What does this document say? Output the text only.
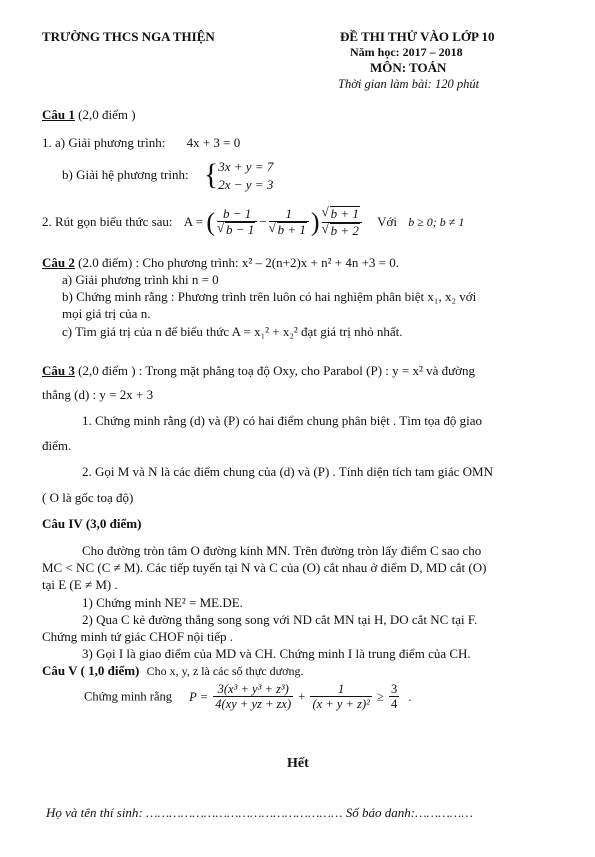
TRƯỜNG THCS NGA THIỆN	ĐỀ THI THỬ VÀO LỚP 10
Năm học: 2017 – 2018
MÔN: TOÁN
Thời gian làm bài: 120 phút
Câu 1 (2,0 điểm )
1. a) Giải phương trình: 4x + 3 = 0
b) Giải hệ phương trình: { 3x + y = 7
2x − y = 3
2. Rút gọn biểu thức sau: A = ( b − 1
√ b − 1 − 1
√ b + 1 )
√ b + 1
√ b + 2 Với b ≥ 0; b ≠ 1
Câu 2 (2.0 điểm) : Cho phương trình: x² – 2(n+2)x + n² + 4n +3 = 0.
a) Giải phương trình khi n = 0
b) Chứng minh rằng : Phương trình trên luôn có hai nghiệm phân biệt x₁, x₂ với
mọi giá trị của n.
c) Tìm giá trị của n để biểu thức A = x₁² + x₂² đạt giá trị nhỏ nhất.
Câu 3 (2,0 điểm ) : Trong mặt phẳng toạ độ Oxy, cho Parabol (P) : y = x² và đường
thẳng (d) : y = 2x + 3
1. Chứng minh rằng (d) và (P) có hai điểm chung phân biệt . Tìm tọa độ giao
điểm.
2. Gọi M và N là các điểm chung của (d) và (P) . Tính diện tích tam giác OMN
( O là gốc toạ độ)
Câu IV (3,0 điểm)
Cho đường tròn tâm O đường kính MN. Trên đường tròn lấy điểm C sao cho
MC < NC (C ≠ M). Các tiếp tuyến tại N và C của (O) cắt nhau ở điểm D, MD cắt (O)
tại E (E ≠ M) .
1) Chứng minh NE² = ME.DE.
2) Qua C kẻ đường thẳng song song với ND cắt MN tại H, DO cắt NC tại F.
Chứng minh tứ giác CHOF nội tiếp .
3) Gọi I là giao điểm của MD và CH. Chứng minh I là trung điểm của CH.
Câu V ( 1,0 điểm) Cho x, y, z là các số thực dương.
Chứng minh rằng $P = \frac{\text{3(x³ + y³ + z³)}}{4(xy + yz + zx)} + \frac{1}{\text{(x + y + z)²}} \ge \frac{3}{4}$ .
Hết
Họ và tên thí sinh: …………………………………………… Số báo danh:……………
